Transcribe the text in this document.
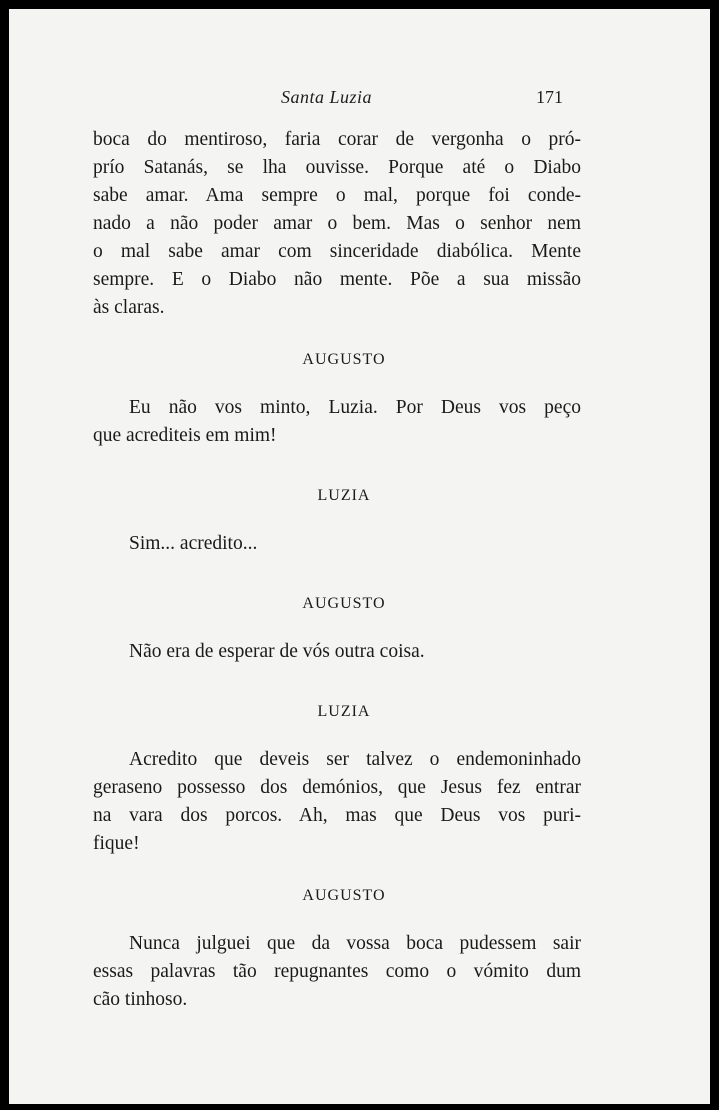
Santa Luzia	171
boca do mentiroso, faria corar de vergonha o pró-
prío Satanás, se lha ouvisse. Porque até o Diabo
sabe amar. Ama sempre o mal, porque foi conde-
nado a não poder amar o bem. Mas o senhor nem
o mal sabe amar com sinceridade diabólica. Mente
sempre. E o Diabo não mente. Põe a sua missão
às claras.
AUGUSTO
Eu não vos minto, Luzia. Por Deus vos peço
que acrediteis em mim!
LUZIA
Sim... acredito...
AUGUSTO
Não era de esperar de vós outra coisa.
LUZIA
Acredito que deveis ser talvez o endemoninhado
geraseno possesso dos demónios, que Jesus fez entrar
na vara dos porcos. Ah, mas que Deus vos puri-
fique!
AUGUSTO
Nunca julguei que da vossa boca pudessem sair
essas palavras tão repugnantes como o vómito dum
cão tinhoso.
